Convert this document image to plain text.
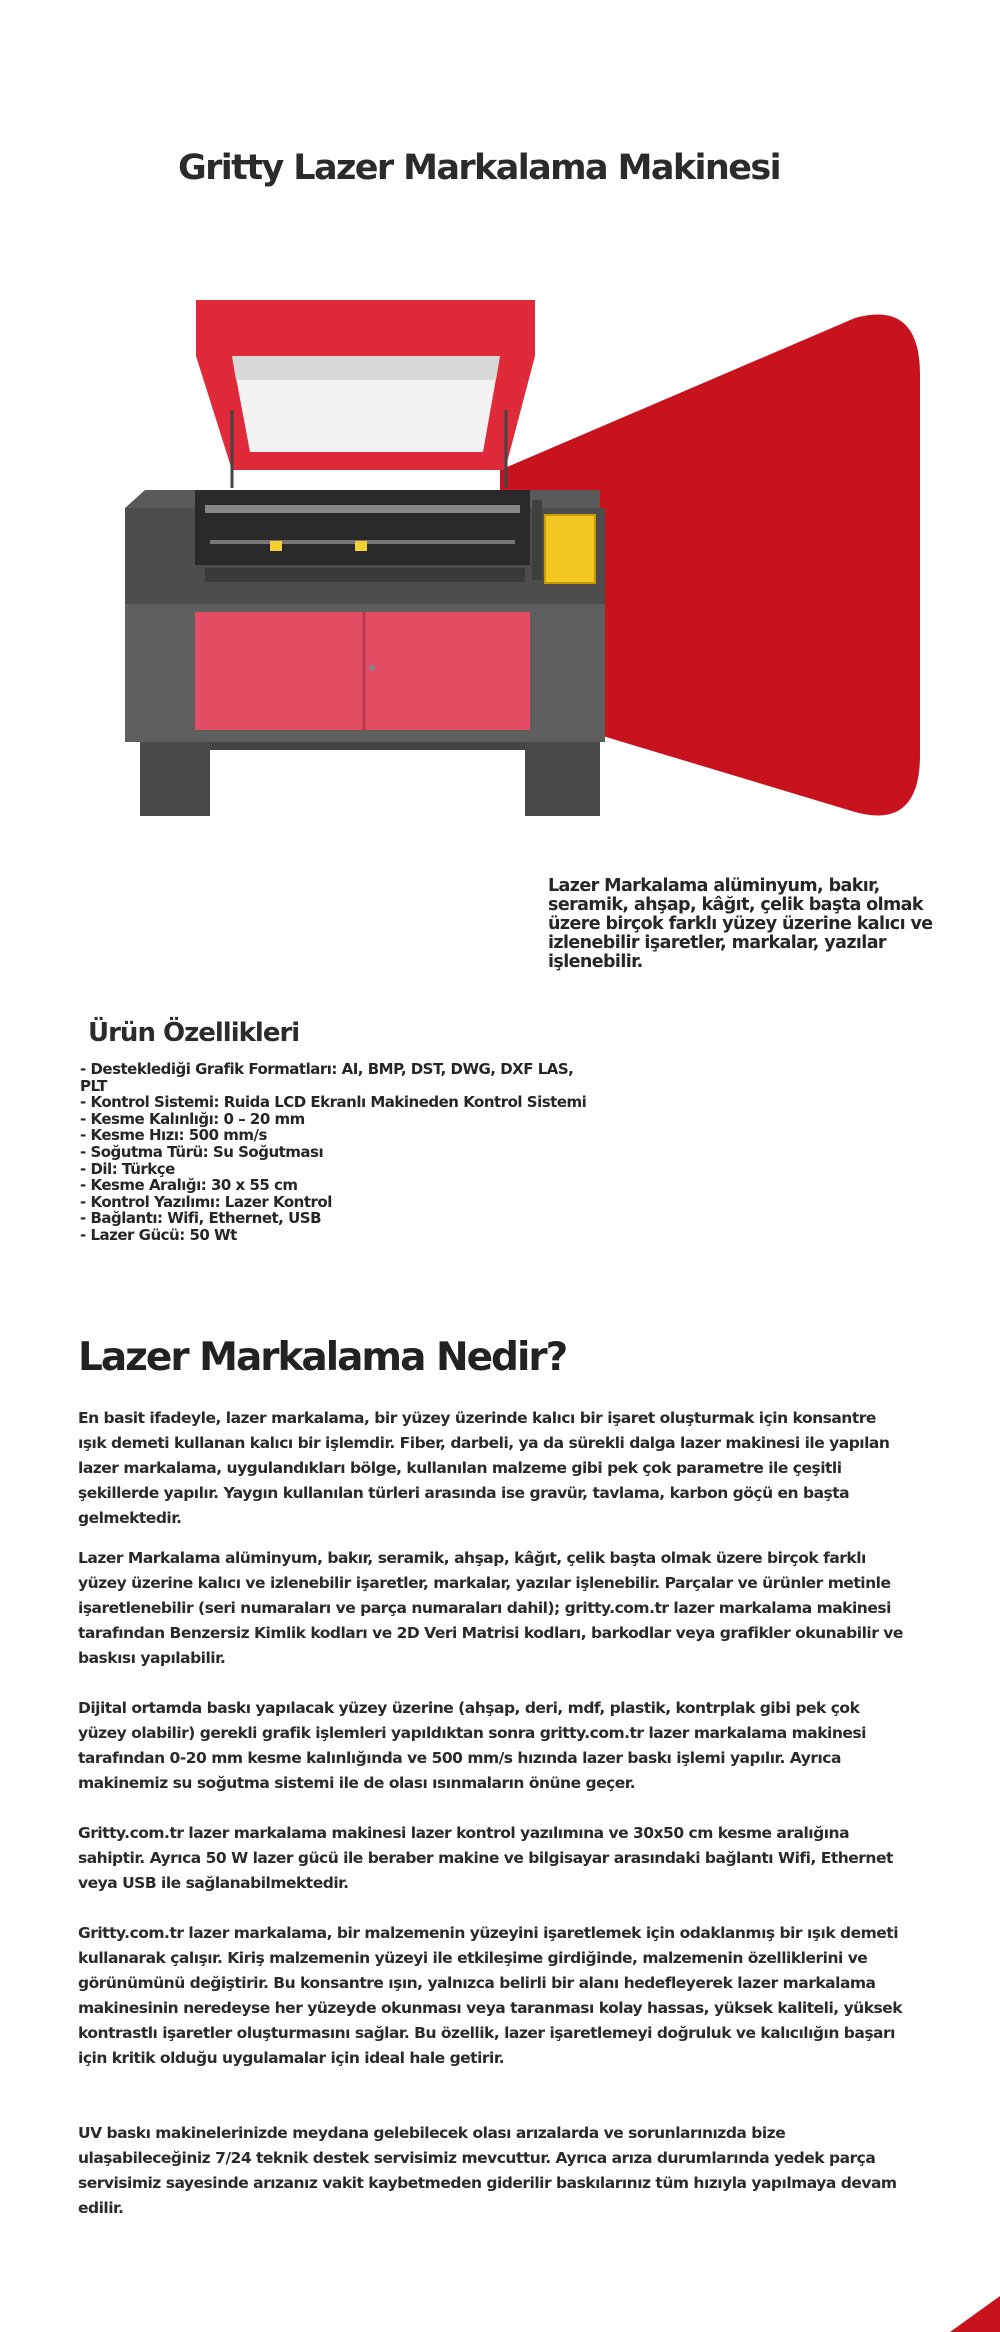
Gritty Lazer Markalama Makinesi

Lazer Markalama alüminyum, bakır, seramik, ahşap, kâğıt, çelik başta olmak üzere birçok farklı yüzey üzerine kalıcı ve izlenebilir işaretler, markalar, yazılar işlenebilir.

Ürün Özellikleri
- Desteklediği Grafik Formatları: AI, BMP, DST, DWG, DXF LAS, PLT
- Kontrol Sistemi: Ruida LCD Ekranlı Makineden Kontrol Sistemi
- Kesme Kalınlığı: 0 – 20 mm
- Kesme Hızı: 500 mm/s
- Soğutma Türü: Su Soğutması
- Dil: Türkçe
- Kesme Aralığı: 30 x 55 cm
- Kontrol Yazılımı: Lazer Kontrol
- Bağlantı: Wifi, Ethernet, USB
- Lazer Gücü: 50 Wt
Lazer Markalama Nedir?

En basit ifadeyle, lazer markalama, bir yüzey üzerinde kalıcı bir işaret oluşturmak için konsantre ışık demeti kullanan kalıcı bir işlemdir. Fiber, darbeli, ya da sürekli dalga lazer makinesi ile yapılan lazer markalama, uygulandıkları bölge, kullanılan malzeme gibi pek çok parametre ile çeşitli şekillerde yapılır. Yaygın kullanılan türleri arasında ise gravür, tavlama, karbon göçü en başta gelmektedir.

Lazer Markalama alüminyum, bakır, seramik, ahşap, kâğıt, çelik başta olmak üzere birçok farklı yüzey üzerine kalıcı ve izlenebilir işaretler, markalar, yazılar işlenebilir. Parçalar ve ürünler metinle işaretlenebilir (seri numaraları ve parça numaraları dahil); gritty.com.tr lazer markalama makinesi tarafından Benzersiz Kimlik kodları ve 2D Veri Matrisi kodları, barkodlar veya grafikler okunabilir ve baskısı yapılabilir.

Dijital ortamda baskı yapılacak yüzey üzerine (ahşap, deri, mdf, plastik, kontrplak gibi pek çok yüzey olabilir) gerekli grafik işlemleri yapıldıktan sonra gritty.com.tr lazer markalama makinesi tarafından 0-20 mm kesme kalınlığında ve 500 mm/s hızında lazer baskı işlemi yapılır. Ayrıca makinemiz su soğutma sistemi ile de olası ısınmaların önüne geçer.

Gritty.com.tr lazer markalama makinesi lazer kontrol yazılımına ve 30x50 cm kesme aralığına sahiptir. Ayrıca 50 W lazer gücü ile beraber makine ve bilgisayar arasındaki bağlantı Wifi, Ethernet veya USB ile sağlanabilmektedir.

Gritty.com.tr lazer markalama, bir malzemenin yüzeyini işaretlemek için odaklanmış bir ışık demeti kullanarak çalışır. Kiriş malzemenin yüzeyi ile etkileşime girdiğinde, malzemenin özelliklerini ve görünümünü değiştirir. Bu konsantre ışın, yalnızca belirli bir alanı hedefleyerek lazer markalama makinesinin neredeyse her yüzeyde okunması veya taranması kolay hassas, yüksek kaliteli, yüksek kontrastlı işaretler oluşturmasını sağlar. Bu özellik, lazer işaretlemeyi doğruluk ve kalıcılığın başarı için kritik olduğu uygulamalar için ideal hale getirir.

UV baskı makinelerinizde meydana gelebilecek olası arızalarda ve sorunlarınızda bize ulaşabileceğiniz 7/24 teknik destek servisimiz mevcuttur. Ayrıca arıza durumlarında yedek parça servisimiz sayesinde arızanız vakit kaybetmeden giderilir baskılarınız tüm hızıyla yapılmaya devam edilir.
